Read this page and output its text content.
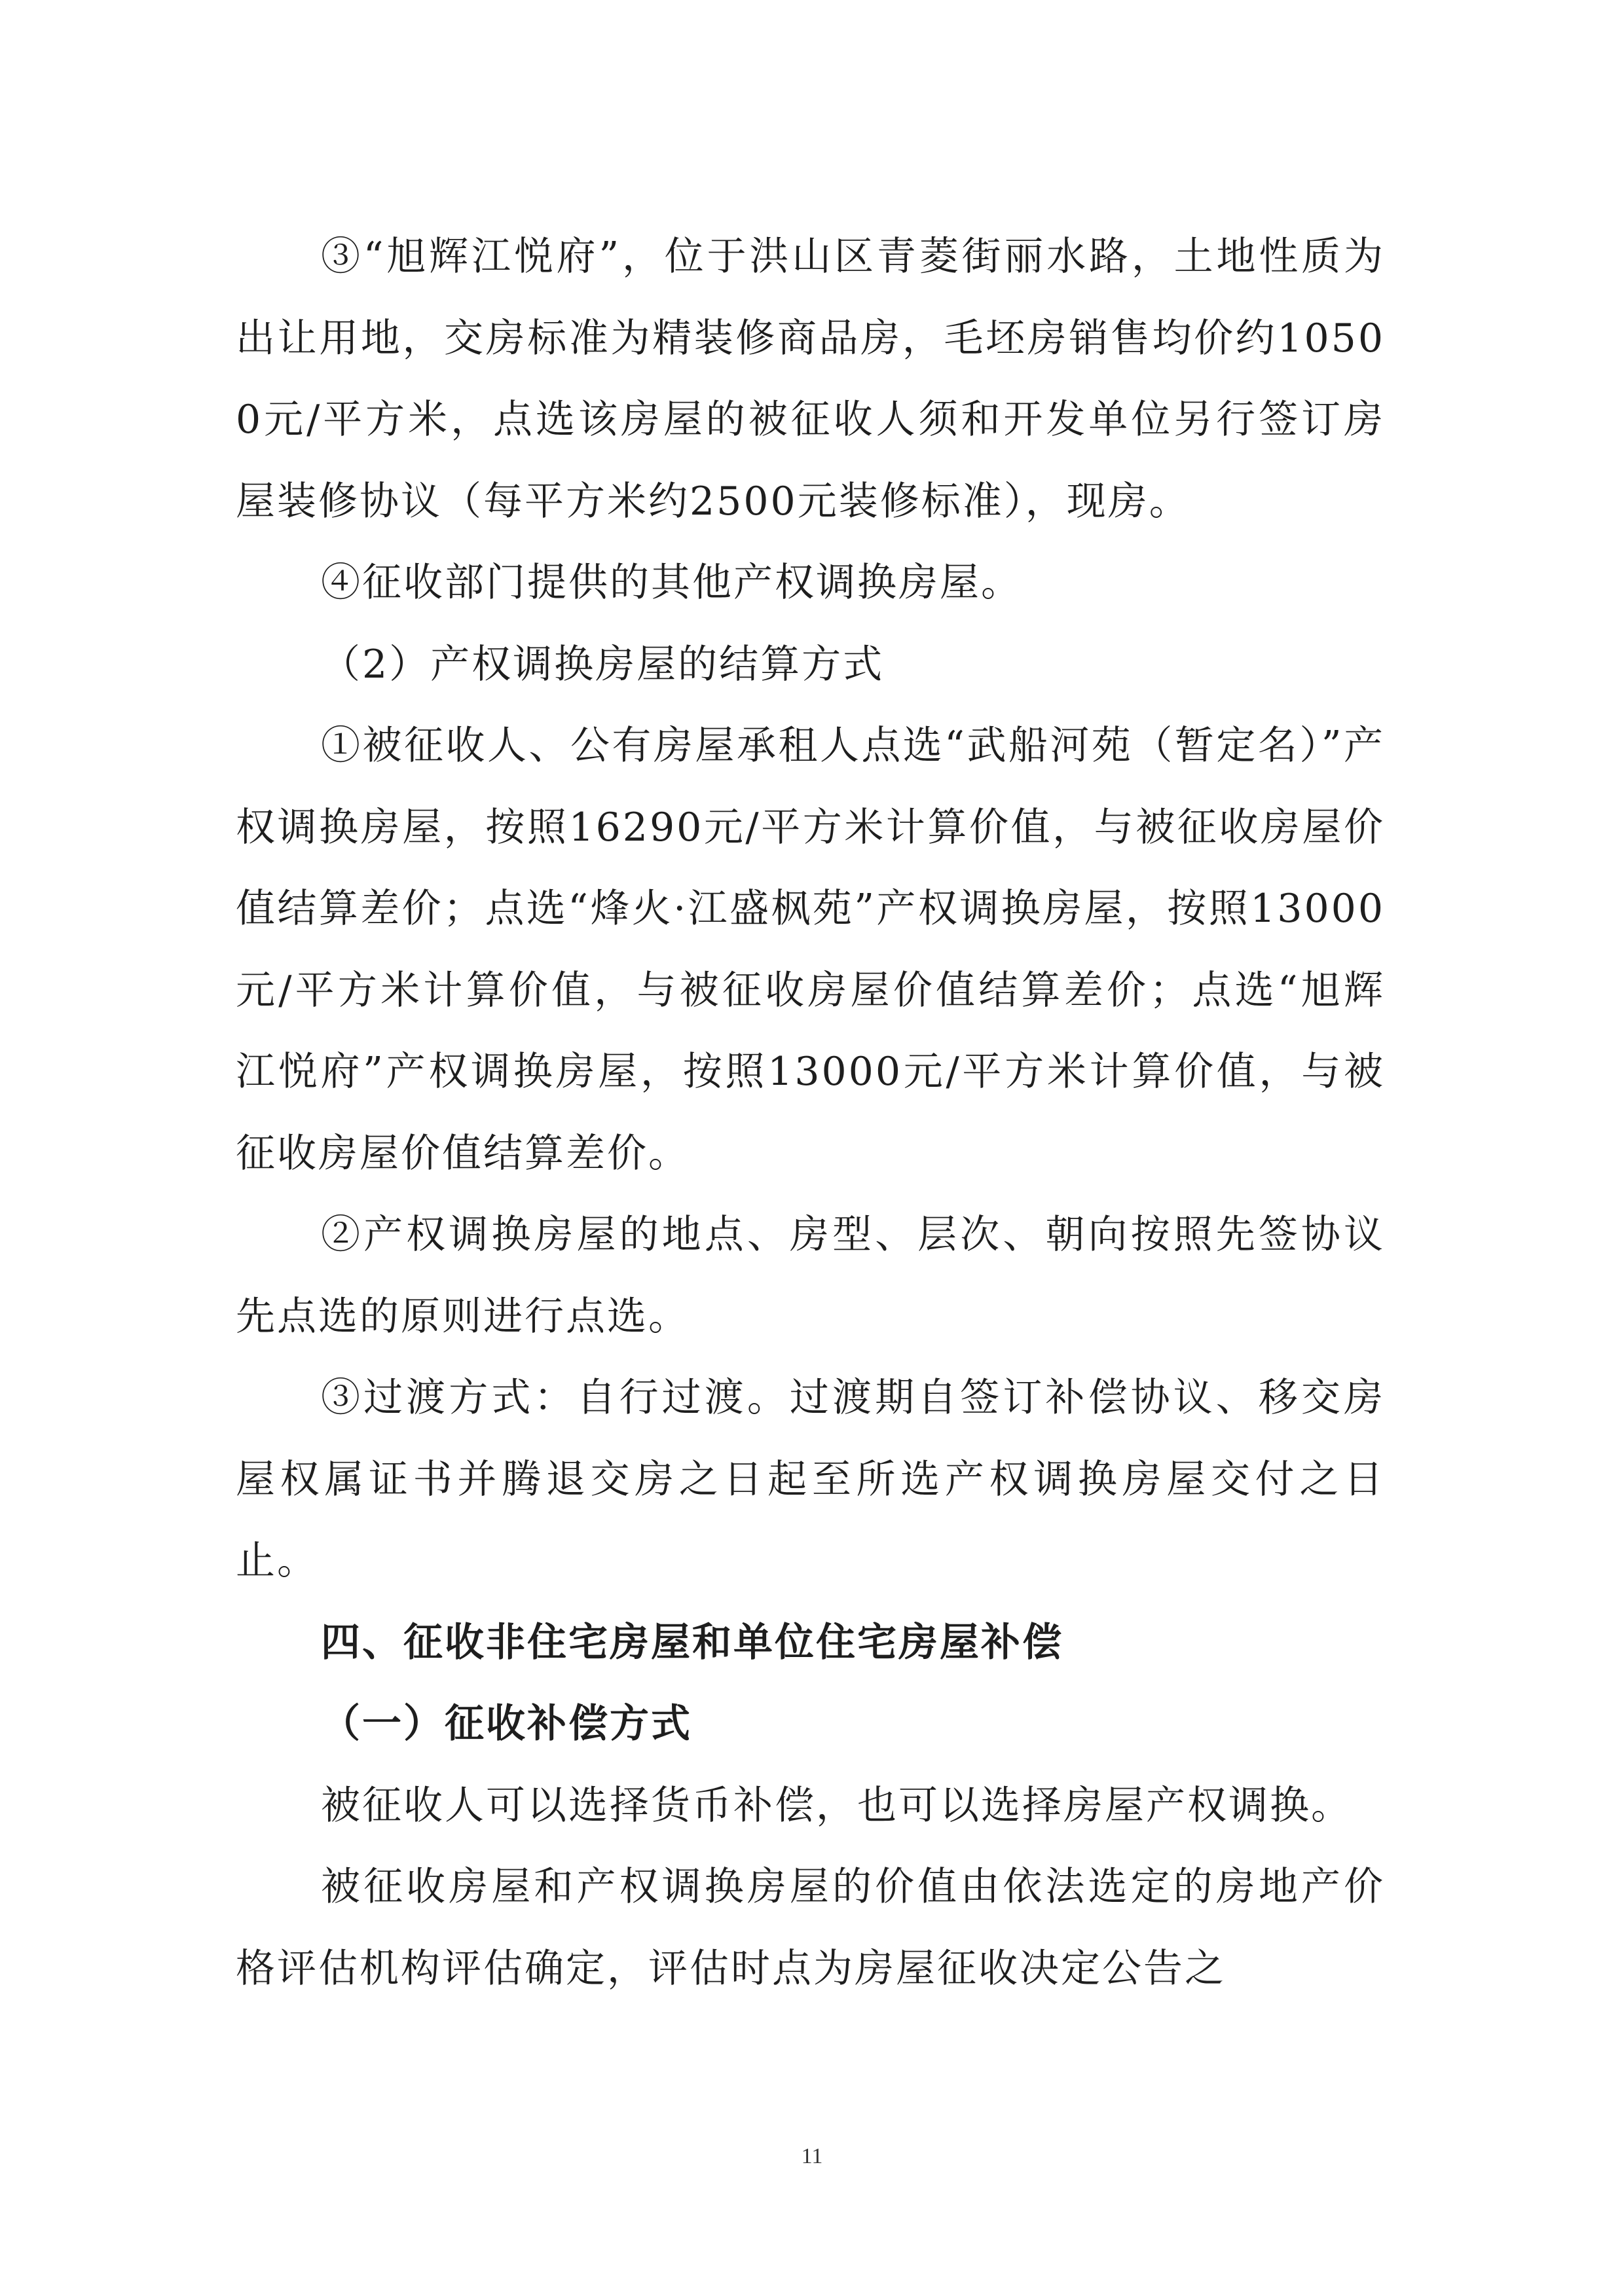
③“旭辉江悦府”，位于洪山区青菱街丽水路，土地性质为出让用地，交房标准为精装修商品房，毛坯房销售均价约10500元/平方米，点选该房屋的被征收人须和开发单位另行签订房屋装修协议（每平方米约2500元装修标准），现房。

④征收部门提供的其他产权调换房屋。

（2）产权调换房屋的结算方式

①被征收人、公有房屋承租人点选“武船河苑（暂定名）”产权调换房屋，按照16290元/平方米计算价值，与被征收房屋价值结算差价；点选“烽火·江盛枫苑”产权调换房屋，按照13000元/平方米计算价值，与被征收房屋价值结算差价；点选“旭辉江悦府”产权调换房屋，按照13000元/平方米计算价值，与被征收房屋价值结算差价。

②产权调换房屋的地点、房型、层次、朝向按照先签协议先点选的原则进行点选。

③过渡方式：自行过渡。过渡期自签订补偿协议、移交房屋权属证书并腾退交房之日起至所选产权调换房屋交付之日止。

四、征收非住宅房屋和单位住宅房屋补偿

（一）征收补偿方式

被征收人可以选择货币补偿，也可以选择房屋产权调换。

被征收房屋和产权调换房屋的价值由依法选定的房地产价格评估机构评估确定，评估时点为房屋征收决定公告之

11
